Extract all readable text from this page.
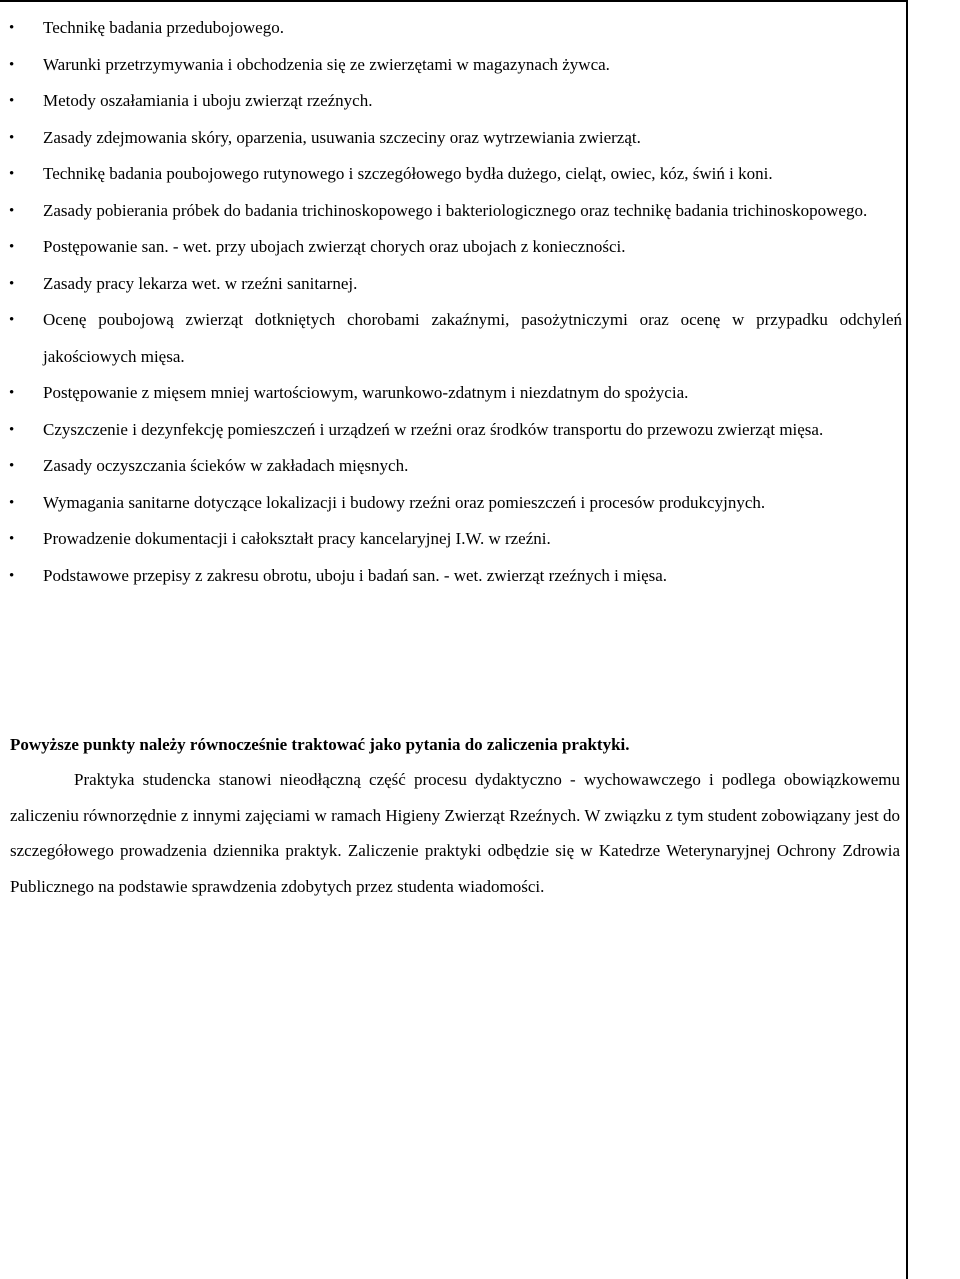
• Technikę badania przedubojowego.
• Warunki przetrzymywania i obchodzenia się ze zwierzętami w magazynach żywca.
• Metody oszałamiania i uboju zwierząt rzeźnych.
• Zasady zdejmowania skóry, oparzenia, usuwania szczeciny oraz wytrzewiania zwierząt.
• Technikę badania poubojowego rutynowego i szczegółowego bydła dużego, cieląt, owiec, kóz, świń i koni.
• Zasady pobierania próbek do badania trichinoskopowego i bakteriologicznego oraz technikę badania trichinoskopowego.
• Postępowanie san. - wet. przy ubojach zwierząt chorych oraz ubojach z konieczności.
• Zasady pracy lekarza wet. w rzeźni sanitarnej.
• Ocenę poubojową zwierząt dotkniętych chorobami zakaźnymi, pasożytniczymi oraz ocenę w przypadku odchyleń jakościowych mięsa.
• Postępowanie z mięsem mniej wartościowym, warunkowo-zdatnym i niezdatnym do spożycia.
• Czyszczenie i dezynfekcję pomieszczeń i urządzeń w rzeźni oraz środków transportu do przewozu zwierząt mięsa.
• Zasady oczyszczania ścieków w zakładach mięsnych.
• Wymagania sanitarne dotyczące lokalizacji i budowy rzeźni oraz pomieszczeń i procesów produkcyjnych.
• Prowadzenie dokumentacji i całokształt pracy kancelaryjnej I.W. w rzeźni.
• Podstawowe przepisy z zakresu obrotu, uboju i badań san. - wet. zwierząt rzeźnych i mięsa.

Powyższe punkty należy równocześnie traktować jako pytania do zaliczenia praktyki.

Praktyka studencka stanowi nieodłączną część procesu dydaktyczno - wychowawczego i podlega obowiązkowemu zaliczeniu równorzędnie z innymi zajęciami w ramach Higieny Zwierząt Rzeźnych. W związku z tym student zobowiązany jest do szczegółowego prowadzenia dziennika praktyk. Zaliczenie praktyki odbędzie się w Katedrze Weterynaryjnej Ochrony Zdrowia Publicznego na podstawie sprawdzenia zdobytych przez studenta wiadomości.
